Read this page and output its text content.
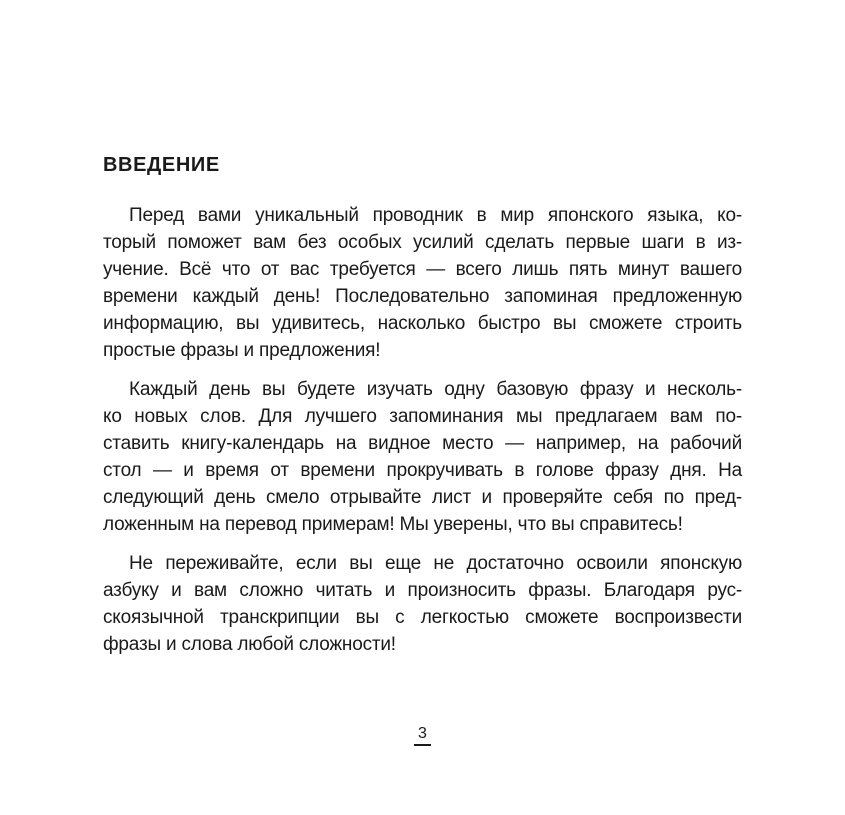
ВВЕДЕНИЕ
Перед вами уникальный проводник в мир японского языка, ко-
торый поможет вам без особых усилий сделать первые шаги в из-
учение. Всё что от вас требуется — всего лишь пять минут вашего
времени каждый день! Последовательно запоминая предложенную
информацию, вы удивитесь, насколько быстро вы сможете строить
простые фразы и предложения!
Каждый день вы будете изучать одну базовую фразу и несколь-
ко новых слов. Для лучшего запоминания мы предлагаем вам по-
ставить книгу-календарь на видное место — например, на рабочий
стол — и время от времени прокручивать в голове фразу дня. На
следующий день смело отрывайте лист и проверяйте себя по пред-
ложенным на перевод примерам! Мы уверены, что вы справитесь!
Не переживайте, если вы еще не достаточно освоили японскую
азбуку и вам сложно читать и произносить фразы. Благодаря рус-
скоязычной транскрипции вы с легкостью сможете воспроизвести
фразы и слова любой сложности!
3
